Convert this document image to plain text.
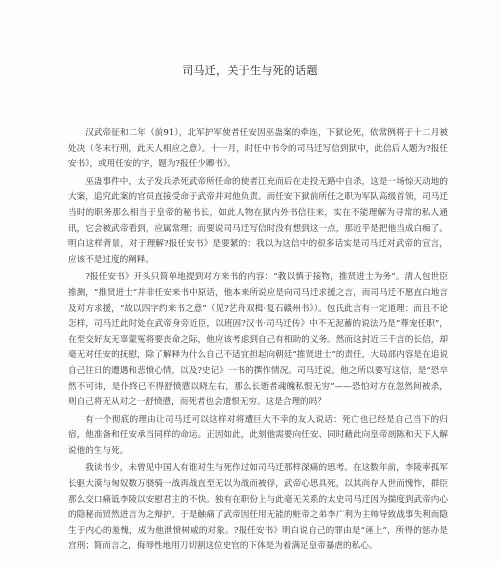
司马迁，关于生与死的话题

汉武帝征和二年（前91），北军护军使者任安因巫蛊案的牵连，下狱论死，依常例将于十二月被处决（冬末行刑，此天人相应之意）。十一月，时任中书令的司马迁写信到狱中，此信后人题为?报任安书》，或用任安的字，题为?报任少卿书》。

巫蛊事件中，太子发兵杀死武帝所任命的使者江充而后在走投无路中自杀，这是一场惊天动地的大案，追究此案的官员直接受命于武帝并对他负责。而任安下狱前所任之职为军队高级首领，司马迁当时的职务那么相当于皇帝的秘书长，如此人物在狱内外书信往来，实在不能理解为寻常的私人通讯，它会被武帝看到，应属常理；而要说司马迁写信时没有想到这一点，那近乎是把他当成白痴了。明白这样背景，对于理解?报任安书》是要紧的：我以为这信中的很多话实是司马迁对武帝的宣言，应该不是过度的阐释。

?报任安书》开头只简单地提到对方来书的内容：“教以慎于接物，推贤进士为务”。清人包世臣推测，“推贤进士”并非任安来书中原话，他本来所说应是向司马迁求援之言，而司马迁不愿直白地言及对方求援，“故以四字约来书之意”（见?艺舟双楫·复石赣州书》）。包氏此言有一定道理：而且不论怎样，司马迁此时处在武帝身旁近臣，以班固?汉书·司马迁传》中不无泥蓄的说法乃是“尊宠任职”，在至交好友无辜蒙冤将要丧命之际，他应该考虑到自己有相助的义务。然而这封近三千言的长信，却毫无对任安的抚慰，除了解释为什么自己不适宜担起向朝廷“推贤进士”的责任，大局部内容是在追说自己往日的遭遇和悲愤心情，以及?史记》一书的撰作情况。司马迁说，他之所以要写这信，是“恐卒然不可讳，是仆终已不得舒愤懑以晓左右，那么长逝者魂魄私恨无穷”——恐怕对方在忽然间被杀，则自己将无从对之一舒愤懑，而死者也会遗恨无穷。这是合理的吗？

有一个彻底的理由让司马迁可以这样对将遭巨大不幸的友人说话：死亡也已经是自己当下的归宿，他准备和任安承当同样的命运。正因如此，此刻他需要向任安、同时藉此向皇帝剖陈和天下人解说他的生与死。

我读书少，未曾见中国人有谁对生与死作过如司马迁那样深痛的思考。在这数年前，李陵率孤军长驱大漠与匈奴数万骁骑一战再战直至无以为战而被俘，武帝心思具死，以其尚存人世而愧怍，群臣那么交口痛诋李陵以安慰君主的不快。独有在职份上与此毫无关系的太史司马迁因为揣度到武帝内心的隐秘而贸然进言为之辩护，于是触痛了武帝因任用无能的赃帝之弟李广利为主帅导致战事失利而隐生于内心的羞愧，成为他泄愤树威的对象。?报任安书》明白说自己的罪由是“诬上”，所得的惩办是宫刑；简而言之，侮辱性地用刀切割这位史官的下体是为着满足皇帝暴虐的私心。
